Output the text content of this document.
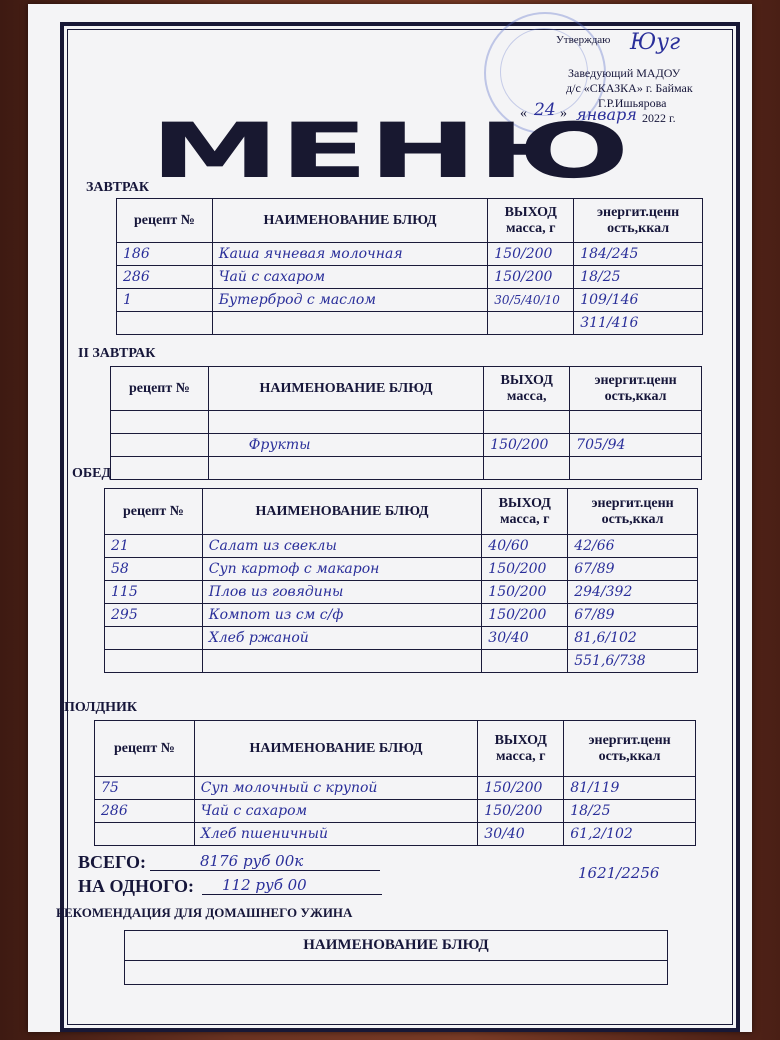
Утверждаю Юуг
Заведующий МАДОУ
д/с «СКАЗКА» г. Баймак
Г.Р.Ишьярова
« 24 » января 2022 г.
МЕНЮ
ЗАВТРАК
рецепт №	НАИМЕНОВАНИЕ БЛЮД	ВЫХОД масса, г	энергит.ценн ость,ккал
186	Каша ячневая молочная	150/200	184/245
286	Чай с сахаром	150/200	18/25
1	Бутерброд с маслом	30/5/40/10	109/146
			311/416
II ЗАВТРАК
рецепт №	НАИМЕНОВАНИЕ БЛЮД	ВЫХОД масса,	энергит.ценн ость,ккал

	Фрукты	150/200	705/94

ОБЕД
рецепт №	НАИМЕНОВАНИЕ БЛЮД	ВЫХОД масса, г	энергит.ценн ость,ккал
21	Салат из свеклы	40/60	42/66
58	Суп картоф с макарон	150/200	67/89
115	Плов из говядины	150/200	294/392
295	Компот из см с/ф	150/200	67/89
	Хлеб ржаной	30/40	81,6/102
			551,6/738
ПОЛДНИК
рецепт №	НАИМЕНОВАНИЕ БЛЮД	ВЫХОД масса, г	энергит.ценн ость,ккал
75	Суп молочный с крупой	150/200	81/119
286	Чай с сахаром	150/200	18/25
	Хлеб пшеничный	30/40	61,2/102
ВСЕГО:	8176 руб 00к
1621/2256
НА ОДНОГО: 112 руб 00
РЕКОМЕНДАЦИЯ ДЛЯ ДОМАШНЕГО УЖИНА
НАИМЕНОВАНИЕ БЛЮД
